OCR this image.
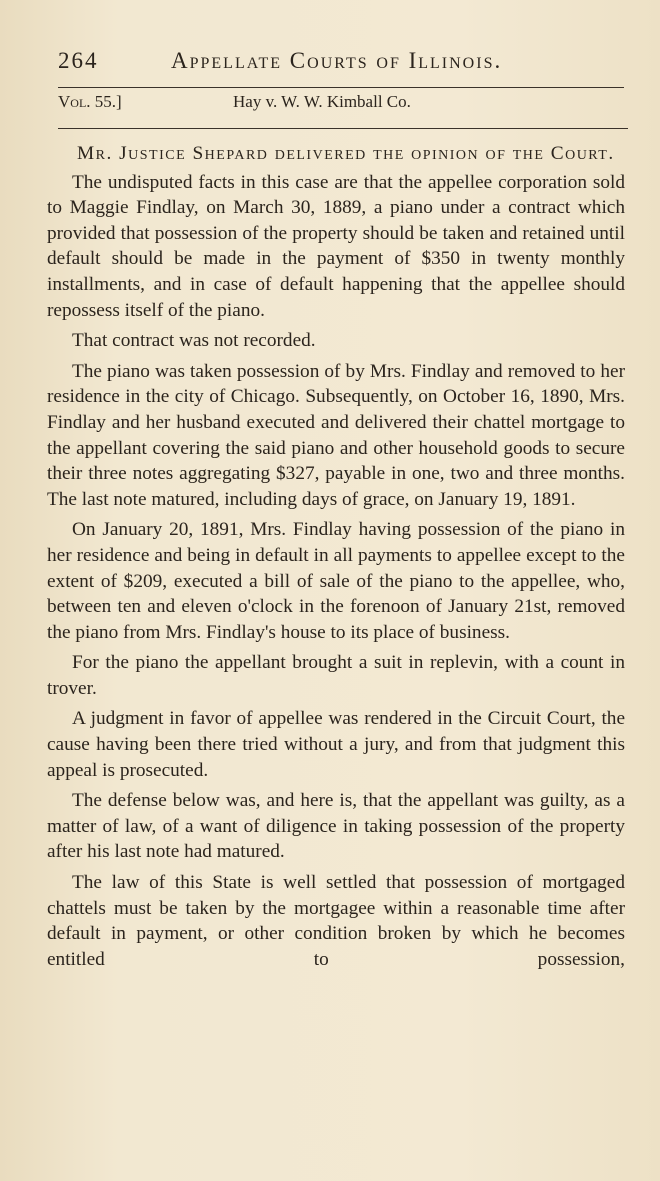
264	Appellate Courts of Illinois.
Vol. 55.]	Hay v. W. W. Kimball Co.

Mr. Justice Shepard delivered the opinion of the Court.

The undisputed facts in this case are that the appellee corporation sold to Maggie Findlay, on March 30, 1889, a piano under a contract which provided that possession of the property should be taken and retained until default should be made in the payment of $350 in twenty monthly installments, and in case of default happening that the appellee should repossess itself of the piano.

That contract was not recorded.

The piano was taken possession of by Mrs. Findlay and removed to her residence in the city of Chicago. Subsequently, on October 16, 1890, Mrs. Findlay and her husband executed and delivered their chattel mortgage to the appellant covering the said piano and other household goods to secure their three notes aggregating $327, payable in one, two and three months. The last note matured, including days of grace, on January 19, 1891.

On January 20, 1891, Mrs. Findlay having possession of the piano in her residence and being in default in all payments to appellee except to the extent of $209, executed a bill of sale of the piano to the appellee, who, between ten and eleven o'clock in the forenoon of January 21st, removed the piano from Mrs. Findlay's house to its place of business.

For the piano the appellant brought a suit in replevin, with a count in trover.

A judgment in favor of appellee was rendered in the Circuit Court, the cause having been there tried without a jury, and from that judgment this appeal is prosecuted.

The defense below was, and here is, that the appellant was guilty, as a matter of law, of a want of diligence in taking possession of the property after his last note had matured.

The law of this State is well settled that possession of mortgaged chattels must be taken by the mortgagee within a reasonable time after default in payment, or other condition broken by which he becomes entitled to possession,
